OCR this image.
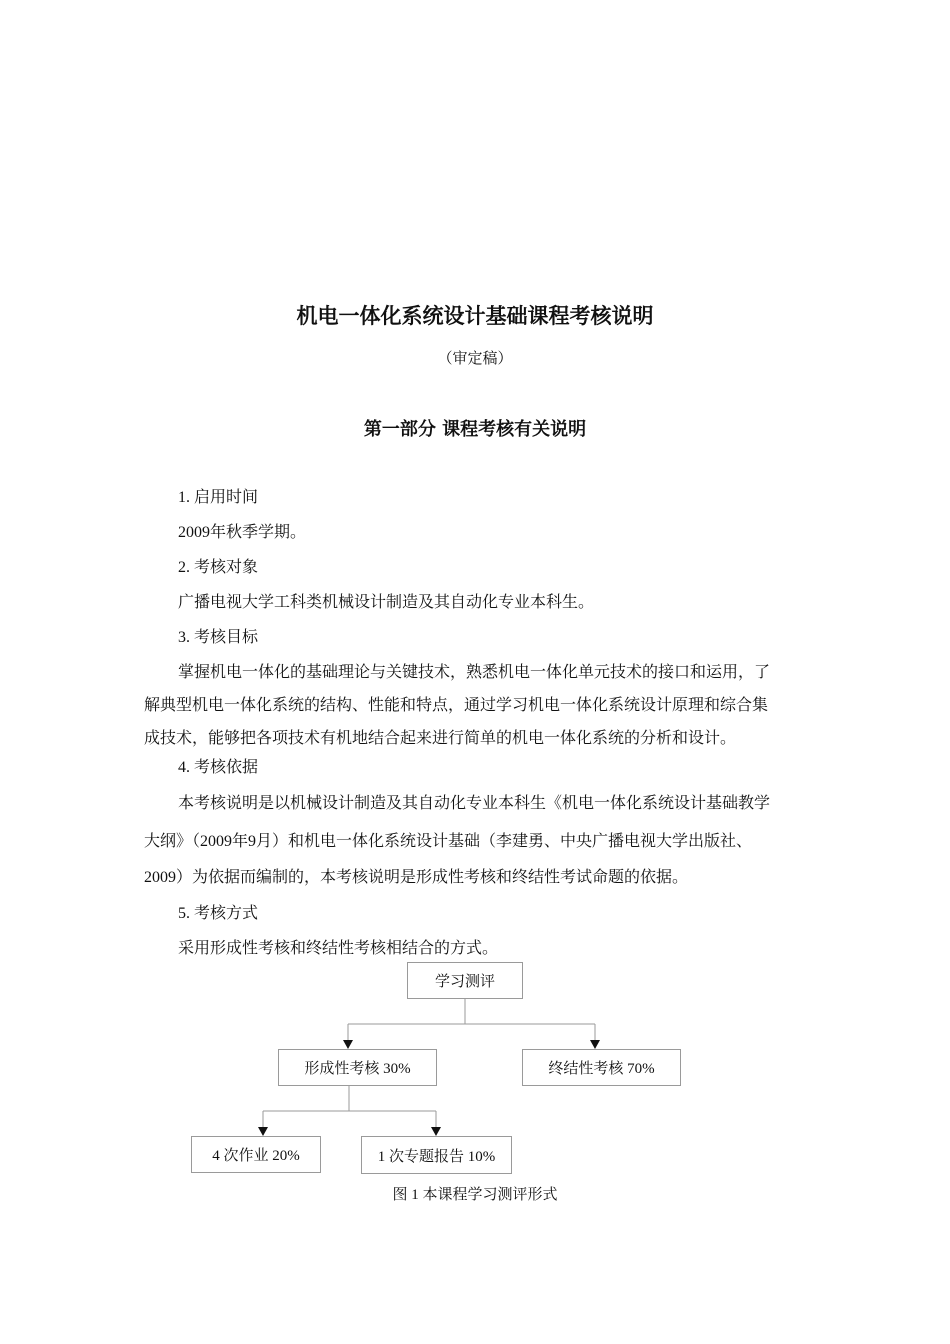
机电一体化系统设计基础课程考核说明
（审定稿）
第一部分 课程考核有关说明
1. 启用时间
2009年秋季学期。
2. 考核对象
广播电视大学工科类机械设计制造及其自动化专业本科生。
3. 考核目标
掌握机电一体化的基础理论与关键技术，熟悉机电一体化单元技术的接口和运用，了
解典型机电一体化系统的结构、性能和特点，通过学习机电一体化系统设计原理和综合集
成技术，能够把各项技术有机地结合起来进行简单的机电一体化系统的分析和设计。
4. 考核依据
本考核说明是以机械设计制造及其自动化专业本科生《机电一体化系统设计基础教学
大纲》（2009年9月）和机电一体化系统设计基础（李建勇、中央广播电视大学出版社、
2009）为依据而编制的，本考核说明是形成性考核和终结性考试命题的依据。
5. 考核方式
采用形成性考核和终结性考核相结合的方式。
学习测评
形成性考核 30%	终结性考核 70%
4 次作业 20%	1 次专题报告 10%
图 1 本课程学习测评形式
